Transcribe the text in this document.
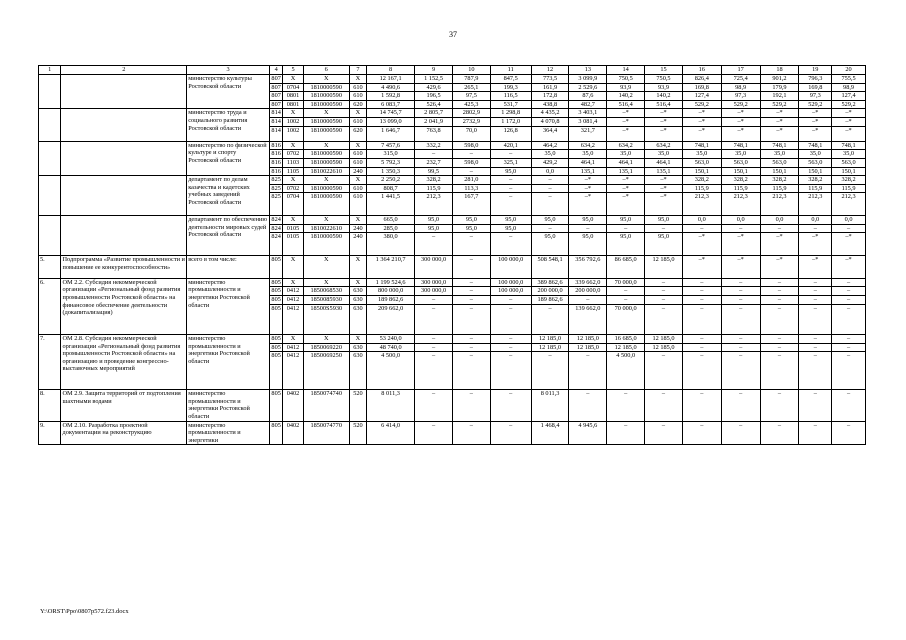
37
1	2	3	4	5	6	7	8	9	10	11	12	13	14	15	16	17	18	19	20
		министерство культуры Ростовской области	807	X	X	X	12 167,1	1 152,5	787,9	847,5	773,5	3 099,9	750,5	750,5	826,4	725,4	901,2	796,3	755,5
			807	0704	1810000590	610	4 490,6	429,6	265,1	199,3	161,9	2 529,6	93,9	93,9	169,8	98,9	179,9	169,8	98,9
			807	0801	1810000590	610	1 592,8	196,5	97,5	116,5	172,8	87,6	140,2	140,2	127,4	97,3	192,1	97,3	127,4
			807	0801	1810000590	620	6 083,7	526,4	425,3	531,7	438,8	482,7	516,4	516,4	529,2	529,2	529,2	529,2	529,2
		министерство труда и социального развития Ростовской области	814	X	X	X	14 745,7	2 805,7	2802,9	1 298,8	4 435,2	3 403,1	–*	–*	–*	–*	–*	–*	–*
			814	1002	1810000590	610	13 099,0	2 041,9	2732,9	1 172,0	4 070,8	3 081,4	–*	–*	–*	–*	–*	–*	–*
			814	1002	1810000590	620	1 646,7	763,8	70,0	126,8	364,4	321,7	–*	–*	–*	–*	–*	–*	–*
		министерство по физической культуре и спорту Ростовской области	816	X	X	X	7 457,6	332,2	598,0	420,1	464,2	634,2	634,2	634,2	748,1	748,1	748,1	748,1	748,1
			816	0702	1810000590	610	315,0	–	–	–	35,0	35,0	35,0	35,0	35,0	35,0	35,0	35,0	35,0
			816	1103	1810000590	610	5 792,3	232,7	598,0	325,1	429,2	464,1	464,1	464,1	563,0	563,0	563,0	563,0	563,0
			816	1105	1810022610	240	1 350,3	99,5	–	95,0	0,0	135,1	135,1	135,1	150,1	150,1	150,1	150,1	150,1
		департамент по делам казачества и кадетских учебных заведений Ростовской области	825	X	X	X	2 250,2	328,2	281,0	–	–	–*	–*	–*	328,2	328,2	328,2	328,2	328,2
			825	0702	1810000590	610	808,7	115,9	113,3	–	–	–*	–*	–*	115,9	115,9	115,9	115,9	115,9
			825	0704	1810000590	610	1 441,5	212,3	167,7	–	–	–*	–*	–*	212,3	212,3	212,3	212,3	212,3
		департамент по обеспечению деятельности мировых судей Ростовской области	824	X	X	X	665,0	95,0	95,0	95,0	95,0	95,0	95,0	95,0	0,0	0,0	0,0	0,0	0,0
			824	0105	1810022610	240	285,0	95,0	95,0	95,0	–	–	–	–	–	–	–	–	–
			824	0105	1810000590	240	380,0	–	–	–	95,0	95,0	95,0	95,0	–*	–*	–*	–*	–*
5.	Подпрограмма «Развитие промышленности и повышение ее конкурентоспособности»	всего в том числе:	805	X	X	X	1 364 210,7	300 000,0	–	100 000,0	508 548,1	356 792,6	86 685,0	12 185,0	–*	–*	–*	–*	–*
6.	ОМ 2.2. Субсидия некоммерческой организации «Региональный фонд развития промышленности Ростовской области» на финансовое обеспечение деятельности (докапитализация)	министерство промышленности и энергетики Ростовской области	805	X	X	X	1 199 524,6	300 000,0	–	100 000,0	389 862,6	339 662,0	70 000,0	–	–	–	–	–	–
			805	0412	1850068530	630	800 000,0	300 000,0	–	100 000,0	200 000,0	200 000,0	–	–	–	–	–	–	–
			805	0412	1850085930	630	189 862,6	–	–	–	189 862,6	–	–	–	–	–	–	–	–
			805	0412	18500S5930	630	209 662,0	–	–	–	–	139 662,0	70 000,0	–	–	–	–	–	–
7.	ОМ 2.8. Субсидия некоммерческой организации «Региональный фонд развития промышленности Ростовской области» на организацию и проведение конгрессно-выставочных мероприятий	министерство промышленности и энергетики Ростовской области	805	X	X	X	53 240,0	–	–	–	12 185,0	12 185,0	16 685,0	12 185,0	–	–	–	–	–
			805	0412	1850069220	630	48 740,0	–	–	–	12 185,0	12 185,0	12 185,0	12 185,0	–	–	–	–	–
			805	0412	1850069250	630	4 500,0	–	–	–	–	–	4 500,0	–	–	–	–	–	–
8.	ОМ 2.9. Защита территорий от подтопления шахтными водами	министерство промышленности и энергетики Ростовской области	805	0402	1850074740	520	8 011,3	–	–	–	8 011,3	–	–	–	–	–	–	–	–
9.	ОМ 2.10. Разработка проектной документации на реконструкцию	министерство промышленности и энергетики	805	0402	1850074770	520	6 414,0	–	–	–	1 468,4	4 945,6	–	–	–	–	–	–	–
Y:\ORST\Ppo\0807p572.f23.docx
